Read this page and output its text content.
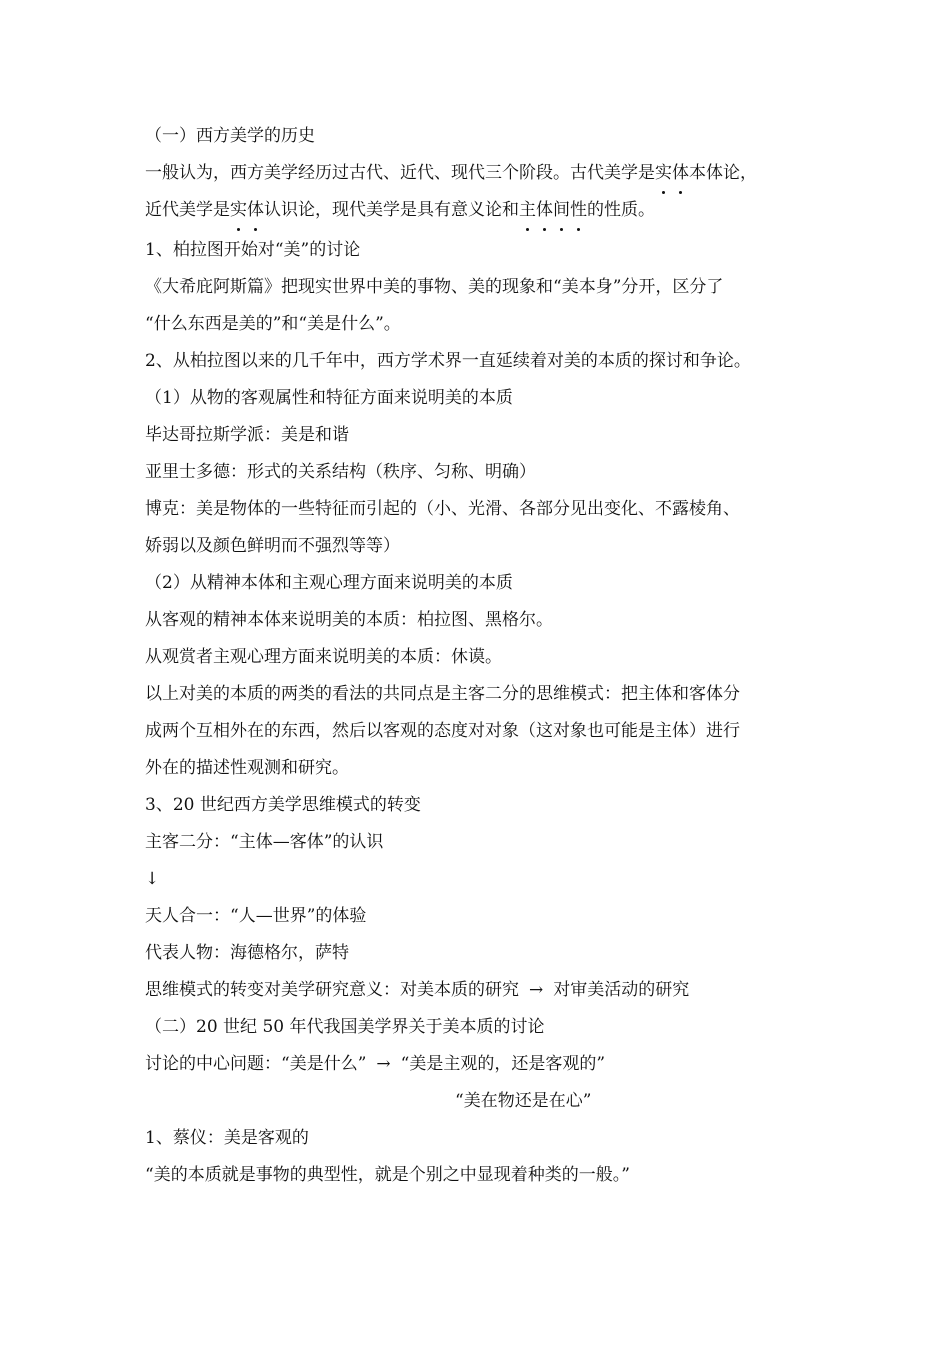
（一）西方美学的历史
一般认为，西方美学经历过古代、近代、现代三个阶段。古代美学是实体本体论，
近代美学是实体认识论，现代美学是具有意义论和主体间性的性质。
1、柏拉图开始对“美”的讨论
《大希庇阿斯篇》把现实世界中美的事物、美的现象和“美本身”分开，区分了
“什么东西是美的”和“美是什么”。
2、从柏拉图以来的几千年中，西方学术界一直延续着对美的本质的探讨和争论。
（1）从物的客观属性和特征方面来说明美的本质
毕达哥拉斯学派：美是和谐
亚里士多德：形式的关系结构（秩序、匀称、明确）
博克：美是物体的一些特征而引起的（小、光滑、各部分见出变化、不露棱角、
娇弱以及颜色鲜明而不强烈等等）
（2）从精神本体和主观心理方面来说明美的本质
从客观的精神本体来说明美的本质：柏拉图、黑格尔。
从观赏者主观心理方面来说明美的本质：休谟。
以上对美的本质的两类的看法的共同点是主客二分的思维模式：把主体和客体分
成两个互相外在的东西，然后以客观的态度对对象（这对象也可能是主体）进行
外在的描述性观测和研究。
3、20 世纪西方美学思维模式的转变
主客二分：“主体—客体”的认识
↓
天人合一：“人—世界”的体验
代表人物：海德格尔，萨特
思维模式的转变对美学研究意义：对美本质的研究 → 对审美活动的研究
（二）20 世纪 50 年代我国美学界关于美本质的讨论
讨论的中心问题：“美是什么” → “美是主观的，还是客观的”
“美在物还是在心”
1、蔡仪：美是客观的
“美的本质就是事物的典型性，就是个别之中显现着种类的一般。”
